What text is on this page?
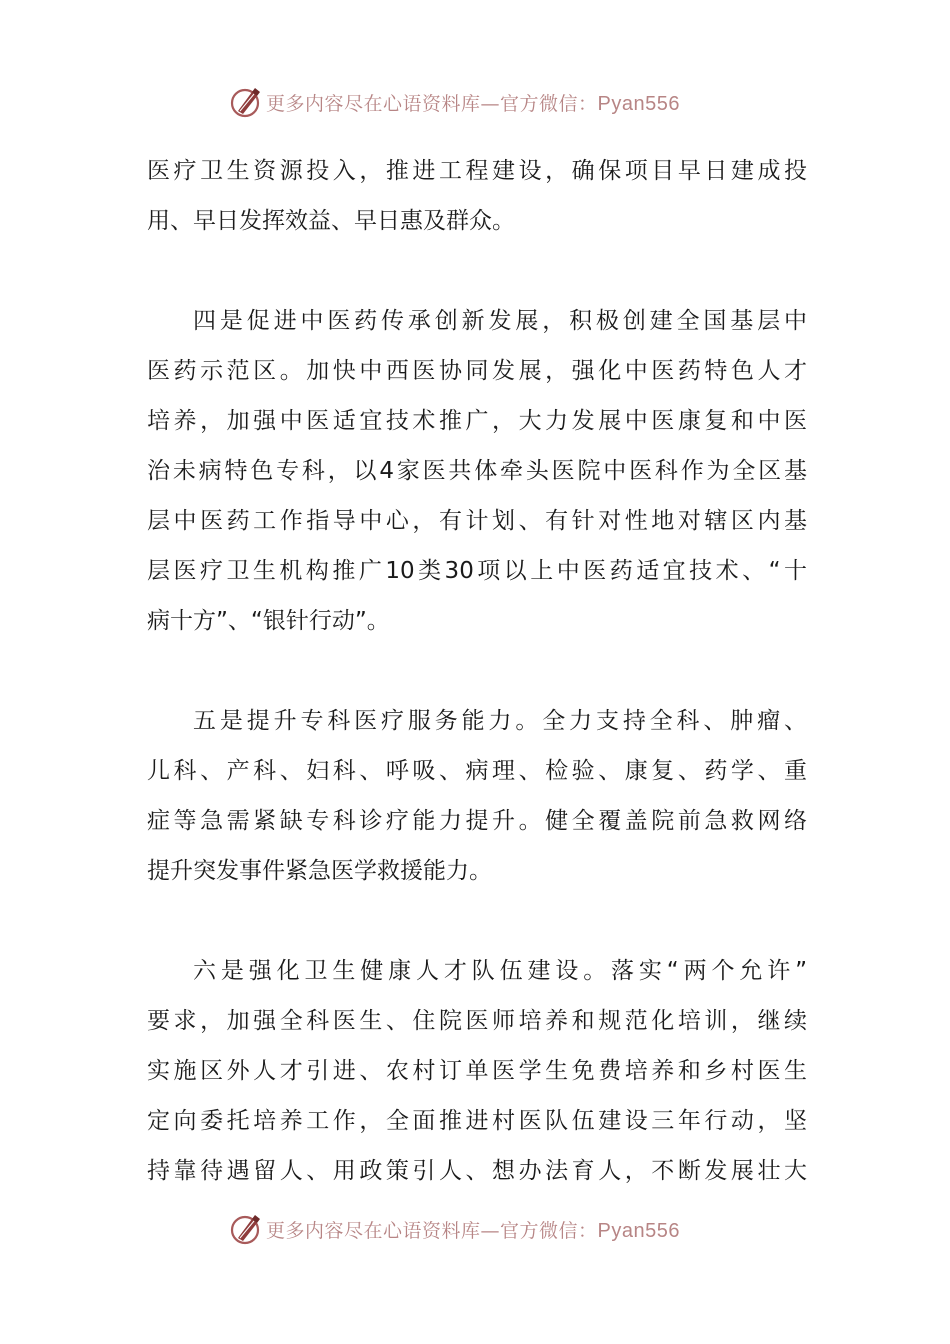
更多内容尽在心语资料库—官方微信：Pyan556

医疗卫生资源投入，推进工程建设，确保项目早日建成投
用、早日发挥效益、早日惠及群众。

四是促进中医药传承创新发展，积极创建全国基层中
医药示范区。加快中西医协同发展，强化中医药特色人才
培养，加强中医适宜技术推广，大力发展中医康复和中医
治未病特色专科，以4家医共体牵头医院中医科作为全区基
层中医药工作指导中心，有计划、有针对性地对辖区内基
层医疗卫生机构推广10类30项以上中医药适宜技术、“十
病十方”、“银针行动”。

五是提升专科医疗服务能力。全力支持全科、肿瘤、
儿科、产科、妇科、呼吸、病理、检验、康复、药学、重
症等急需紧缺专科诊疗能力提升。健全覆盖院前急救网络
提升突发事件紧急医学救援能力。

六是强化卫生健康人才队伍建设。落实“两个允许”
要求，加强全科医生、住院医师培养和规范化培训，继续
实施区外人才引进、农村订单医学生免费培养和乡村医生
定向委托培养工作，全面推进村医队伍建设三年行动，坚
持靠待遇留人、用政策引人、想办法育人，不断发展壮大

更多内容尽在心语资料库—官方微信：Pyan556
